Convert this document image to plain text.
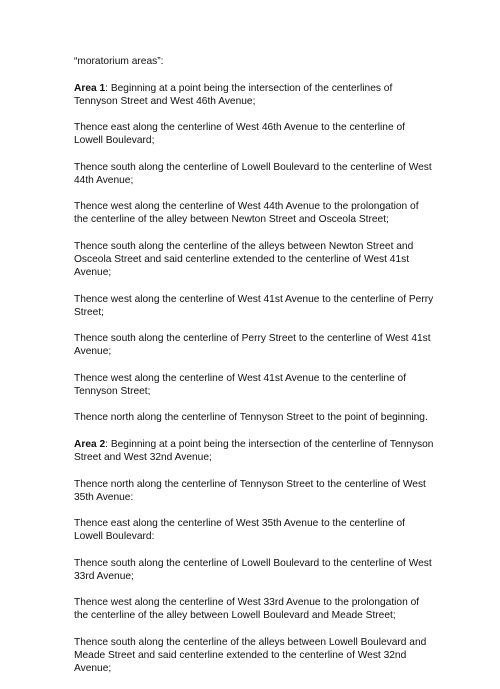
“moratorium areas”:

Area 1: Beginning at a point being the intersection of the centerlines of Tennyson Street and West 46th Avenue;

Thence east along the centerline of West 46th Avenue to the centerline of Lowell Boulevard;

Thence south along the centerline of Lowell Boulevard to the centerline of West 44th Avenue;

Thence west along the centerline of West 44th Avenue to the prolongation of the centerline of the alley between Newton Street and Osceola Street;

Thence south along the centerline of the alleys between Newton Street and Osceola Street and said centerline extended to the centerline of West 41st Avenue;

Thence west along the centerline of West 41st Avenue to the centerline of Perry Street;

Thence south along the centerline of Perry Street to the centerline of West 41st Avenue;

Thence west along the centerline of West 41st Avenue to the centerline of Tennyson Street;

Thence north along the centerline of Tennyson Street to the point of beginning.

Area 2: Beginning at a point being the intersection of the centerline of Tennyson Street and West 32nd Avenue;

Thence north along the centerline of Tennyson Street to the centerline of West 35th Avenue:

Thence east along the centerline of West 35th Avenue to the centerline of Lowell Boulevard:

Thence south along the centerline of Lowell Boulevard to the centerline of West 33rd Avenue;

Thence west along the centerline of West 33rd Avenue to the prolongation of the centerline of the alley between Lowell Boulevard and Meade Street;

Thence south along the centerline of the alleys between Lowell Boulevard and Meade Street and said centerline extended to the centerline of West 32nd Avenue;
